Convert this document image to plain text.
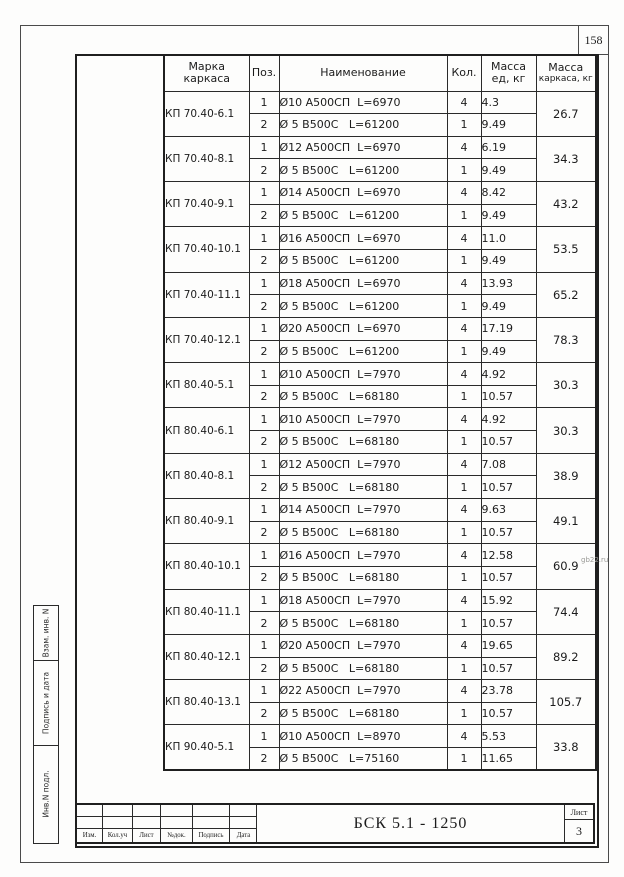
158
Взам. инв. N
Подпись и дата
Инв.N подл.
Марка
каркаса	Поз.	Наименование	Кол.	Масса
ед, кг

Масса
каркаса, кг

КП 70.40-6.1	1	Ø10 А500СП  L=6970	4	4.3	26.7
	2	Ø 5 В500С   L=61200	1	9.49	
КП 70.40-8.1	1	Ø12 А500СП  L=6970	4	6.19	34.3
	2	Ø 5 В500С   L=61200	1	9.49	
КП 70.40-9.1	1	Ø14 А500СП  L=6970	4	8.42	43.2
	2	Ø 5 В500С   L=61200	1	9.49	
КП 70.40-10.1	1	Ø16 А500СП  L=6970	4	11.0	53.5
	2	Ø 5 В500С   L=61200	1	9.49	
КП 70.40-11.1	1	Ø18 А500СП  L=6970	4	13.93	65.2
	2	Ø 5 В500С   L=61200	1	9.49	
КП 70.40-12.1	1	Ø20 А500СП  L=6970	4	17.19	78.3
	2	Ø 5 В500С   L=61200	1	9.49	
КП 80.40-5.1	1	Ø10 А500СП  L=7970	4	4.92	30.3
	2	Ø 5 В500С   L=68180	1	10.57	
КП 80.40-6.1	1	Ø10 А500СП  L=7970	4	4.92	30.3
	2	Ø 5 В500С   L=68180	1	10.57	
КП 80.40-8.1	1	Ø12 А500СП  L=7970	4	7.08	38.9
	2	Ø 5 В500С   L=68180	1	10.57	
КП 80.40-9.1	1	Ø14 А500СП  L=7970	4	9.63	49.1
	2	Ø 5 В500С   L=68180	1	10.57	
КП 80.40-10.1	1	Ø16 А500СП  L=7970	4	12.58	60.9
	2	Ø 5 В500С   L=68180	1	10.57	
КП 80.40-11.1	1	Ø18 А500СП  L=7970	4	15.92	74.4
	2	Ø 5 В500С   L=68180	1	10.57	
КП 80.40-12.1	1	Ø20 А500СП  L=7970	4	19.65	89.2
	2	Ø 5 В500С   L=68180	1	10.57	
КП 80.40-13.1	1	Ø22 А500СП  L=7970	4	23.78	105.7
	2	Ø 5 В500С   L=68180	1	10.57	
КП 90.40-5.1	1	Ø10 А500СП  L=8970	4	5.53	33.8
	2	Ø 5 В500С   L=75160	1	11.65	
Изм.	Кол.уч	Лист	№док.	Подпись	Дата
БСК 5.1 - 1250
Лист
3
gb22.ru
